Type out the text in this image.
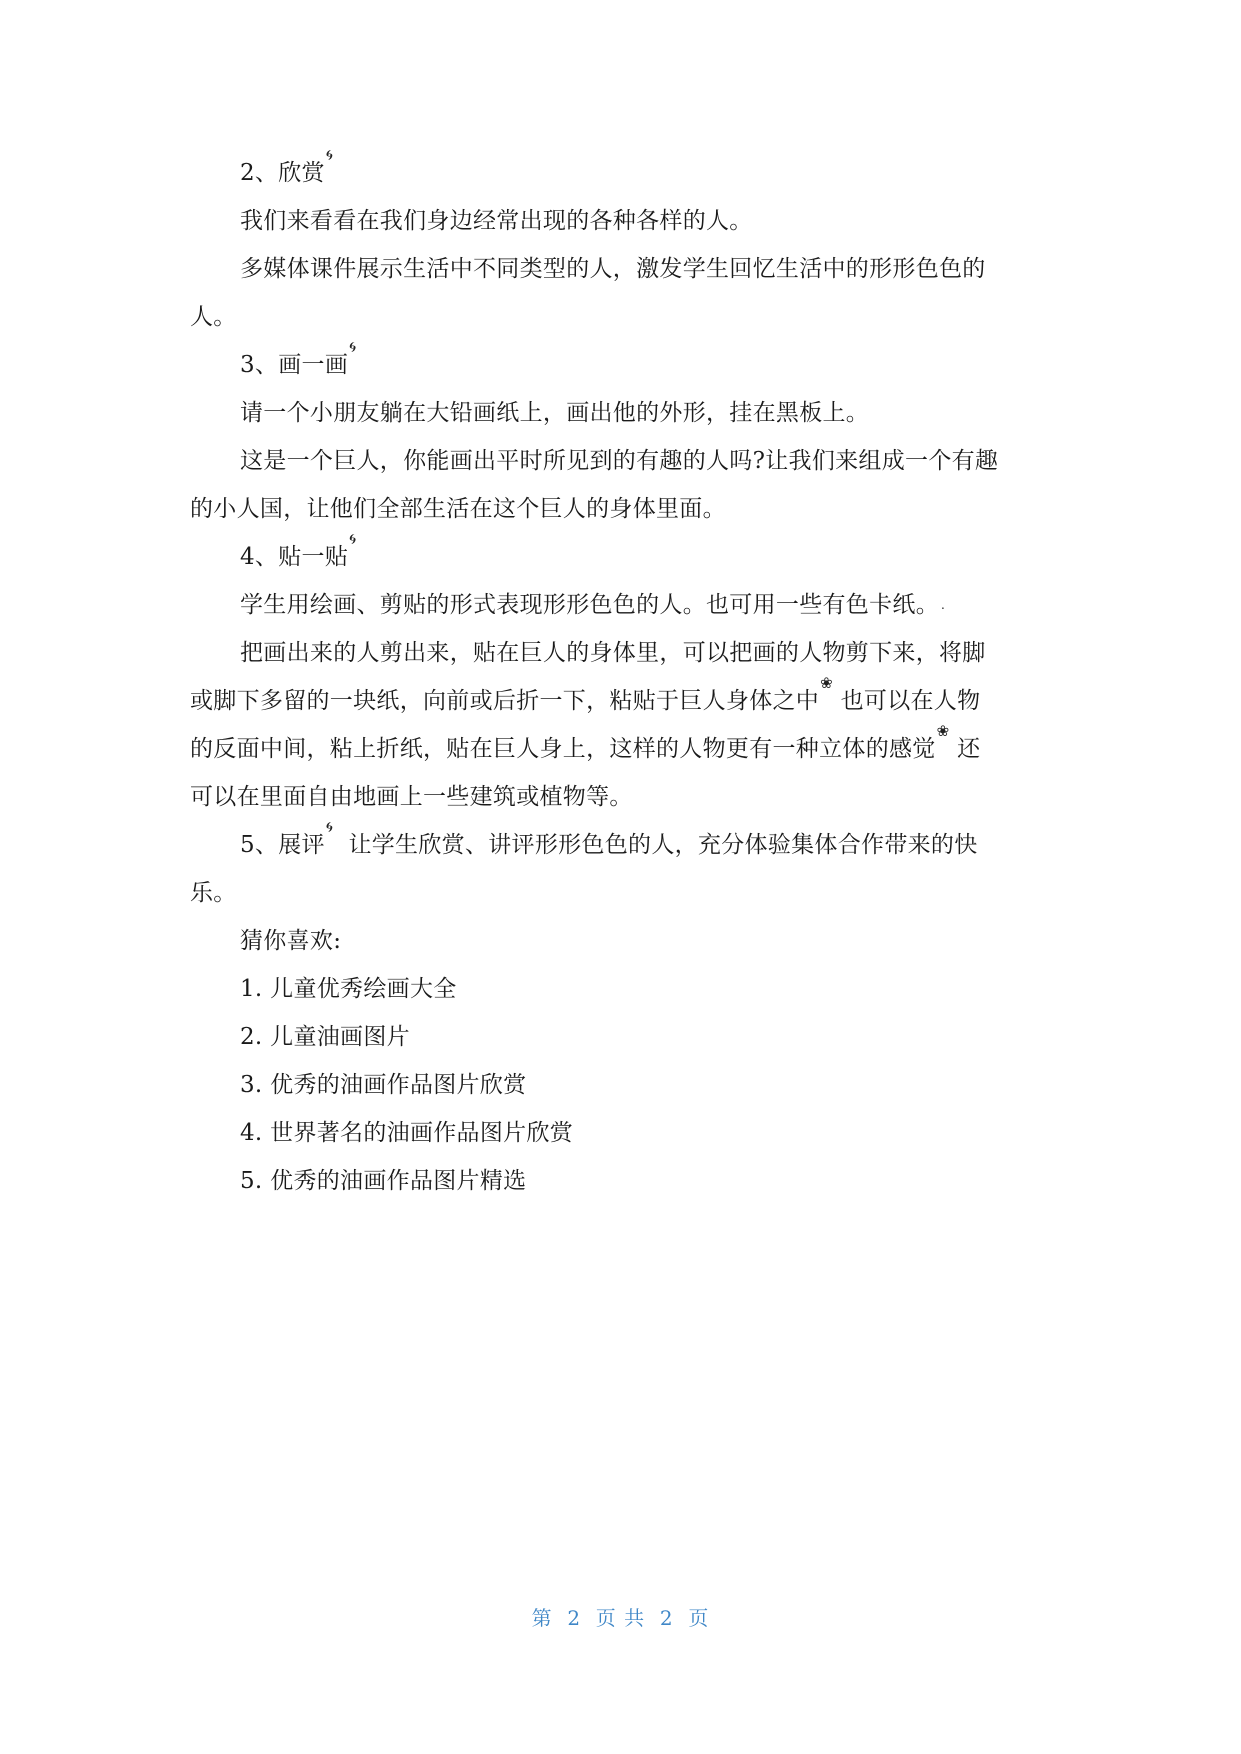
2、欣赏🌀︎
我们来看看在我们身边经常出现的各种各样的人。
多媒体课件展示生活中不同类型的人，激发学生回忆生活中的形形色色的
人。
3、画一画🌀︎
请一个小朋友躺在大铅画纸上，画出他的外形，挂在黑板上。
这是一个巨人，你能画出平时所见到的有趣的人吗?让我们来组成一个有趣
的小人国，让他们全部生活在这个巨人的身体里面。
4、贴一贴🌀︎
学生用绘画、剪贴的形式表现形形色色的人。也可用一些有色卡纸。 .
把画出来的人剪出来，贴在巨人的身体里，可以把画的人物剪下来，将脚
或脚下多留的一块纸，向前或后折一下，粘贴于巨人身体之中❀ 也可以在人物
的反面中间，粘上折纸，贴在巨人身上，这样的人物更有一种立体的感觉❀ 还
可以在里面自由地画上一些建筑或植物等。
5、展评🌀︎  让学生欣赏、讲评形形色色的人，充分体验集体合作带来的快
乐。
猜你喜欢:
1. 儿童优秀绘画大全
2. 儿童油画图片
3. 优秀的油画作品图片欣赏
4. 世界著名的油画作品图片欣赏
5. 优秀的油画作品图片精选
第  2  页 共  2  页
